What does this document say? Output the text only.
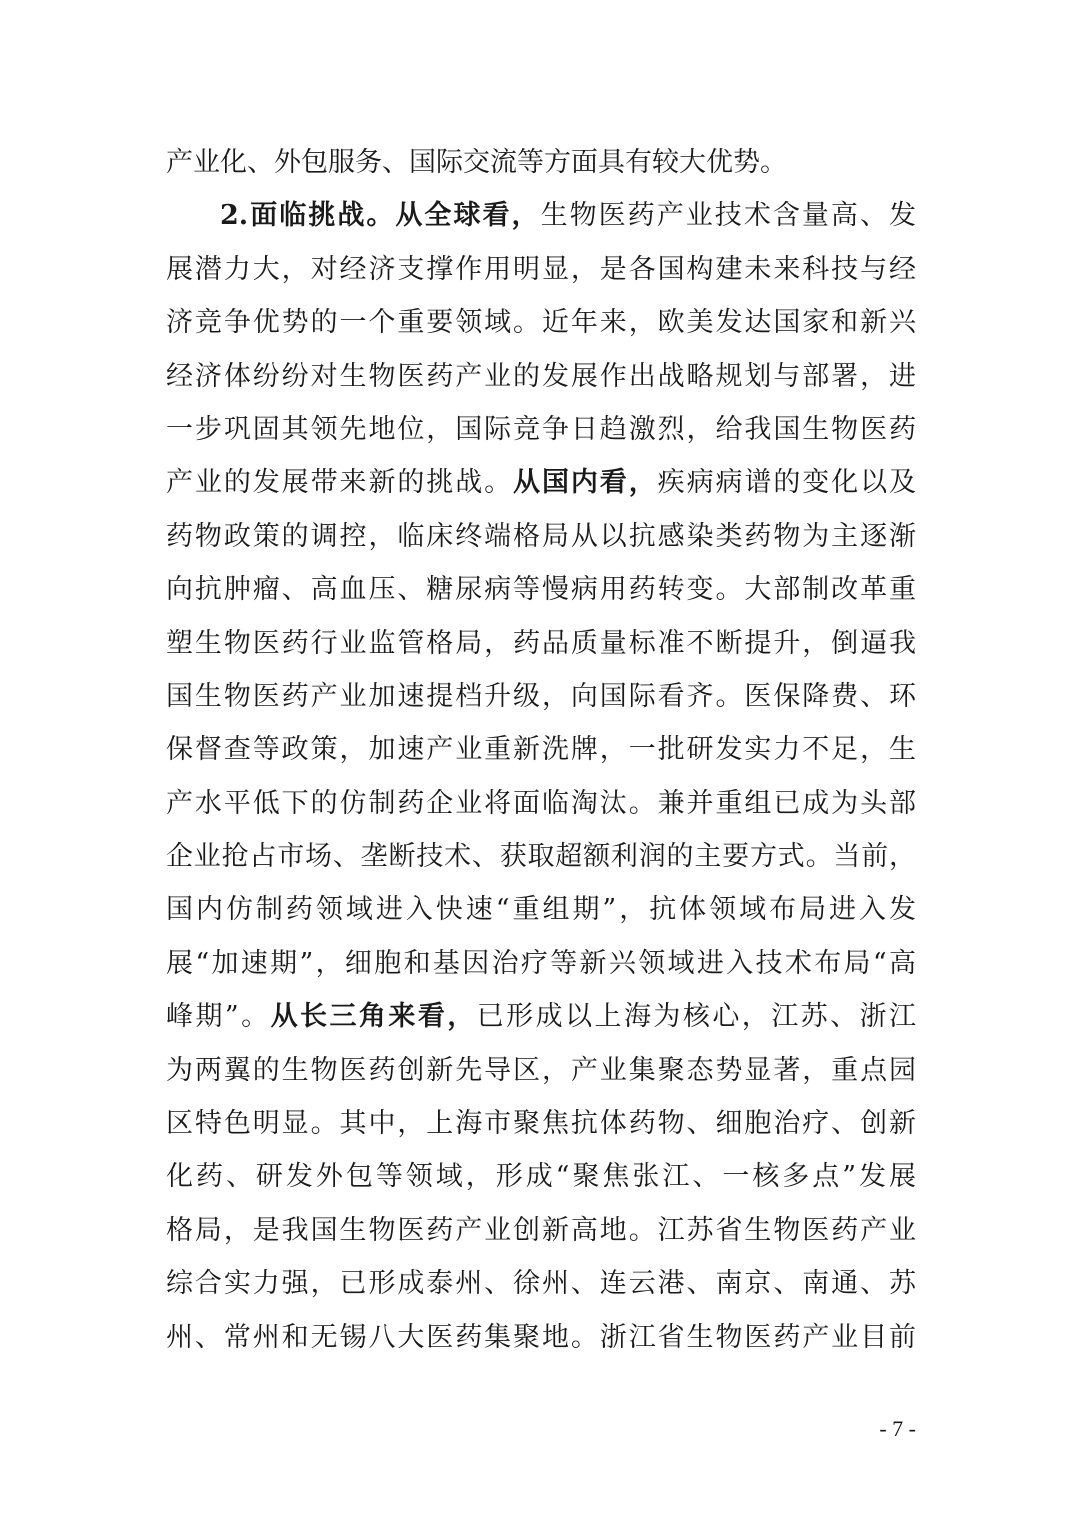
产业化、外包服务、国际交流等方面具有较大优势。
2.面临挑战。从全球看，生物医药产业技术含量高、发
展潜力大，对经济支撑作用明显，是各国构建未来科技与经
济竞争优势的一个重要领域。近年来，欧美发达国家和新兴
经济体纷纷对生物医药产业的发展作出战略规划与部署，进
一步巩固其领先地位，国际竞争日趋激烈，给我国生物医药
产业的发展带来新的挑战。从国内看，疾病病谱的变化以及
药物政策的调控，临床终端格局从以抗感染类药物为主逐渐
向抗肿瘤、高血压、糖尿病等慢病用药转变。大部制改革重
塑生物医药行业监管格局，药品质量标准不断提升，倒逼我
国生物医药产业加速提档升级，向国际看齐。医保降费、环
保督查等政策，加速产业重新洗牌，一批研发实力不足，生
产水平低下的仿制药企业将面临淘汰。兼并重组已成为头部
企业抢占市场、垄断技术、获取超额利润的主要方式。当前，
国内仿制药领域进入快速“重组期”，抗体领域布局进入发
展“加速期”，细胞和基因治疗等新兴领域进入技术布局“高
峰期”。从长三角来看，已形成以上海为核心，江苏、浙江
为两翼的生物医药创新先导区，产业集聚态势显著，重点园
区特色明显。其中，上海市聚焦抗体药物、细胞治疗、创新
化药、研发外包等领域，形成“聚焦张江、一核多点”发展
格局，是我国生物医药产业创新高地。江苏省生物医药产业
综合实力强，已形成泰州、徐州、连云港、南京、南通、苏
州、常州和无锡八大医药集聚地。浙江省生物医药产业目前
- 7 -
